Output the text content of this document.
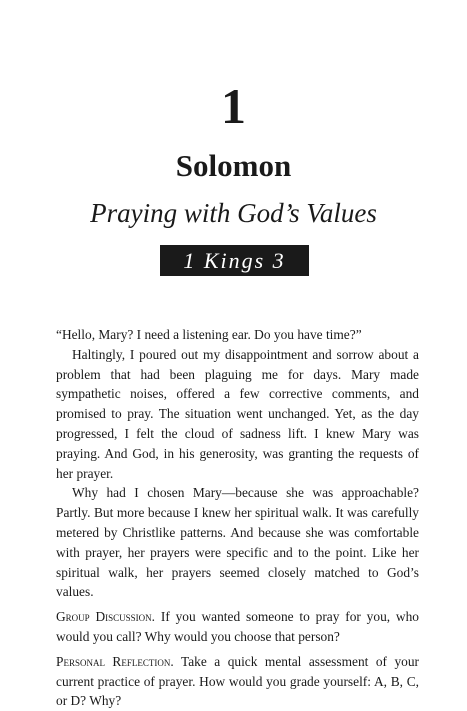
1
Solomon
Praying with God’s Values
1 Kings 3

“Hello, Mary? I need a listening ear. Do you have time?”

Haltingly, I poured out my disappointment and sorrow about a problem that had been plaguing me for days. Mary made sympathetic noises, offered a few corrective comments, and promised to pray. The situation went unchanged. Yet, as the day progressed, I felt the cloud of sadness lift. I knew Mary was praying. And God, in his generosity, was granting the requests of her prayer.

Why had I chosen Mary—because she was approachable? Partly. But more because I knew her spiritual walk. It was carefully metered by Christlike patterns. And because she was comfortable with prayer, her prayers were specific and to the point. Like her spiritual walk, her prayers seemed closely matched to God’s values.

Group Discussion. If you wanted someone to pray for you, who would you call? Why would you choose that person?

Personal Reflection. Take a quick mental assessment of your current practice of prayer. How would you grade yourself: A, B, C, or D? Why?
